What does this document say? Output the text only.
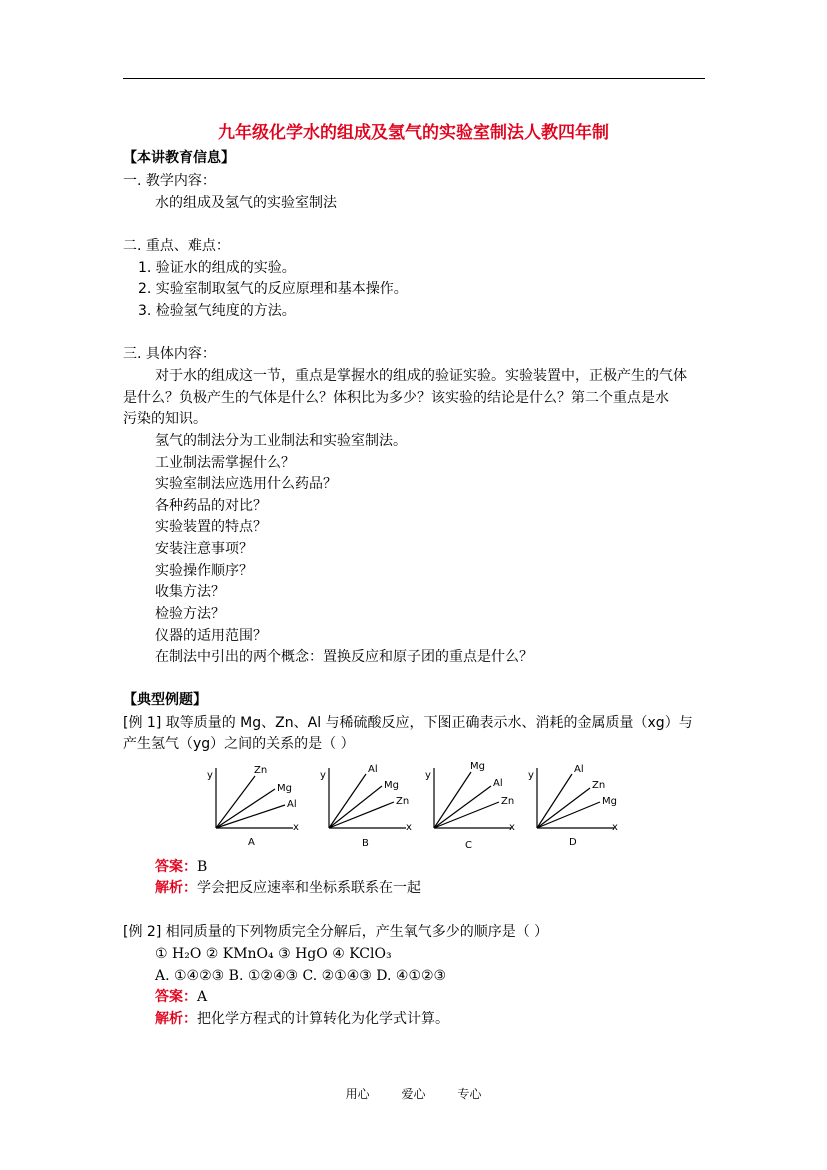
九年级化学水的组成及氢气的实验室制法人教四年制
【本讲教育信息】
一. 教学内容：
水的组成及氢气的实验室制法
二. 重点、难点：
1. 验证水的组成的实验。
2. 实验室制取氢气的反应原理和基本操作。
3. 检验氢气纯度的方法。
三. 具体内容：
对于水的组成这一节，重点是掌握水的组成的验证实验。实验装置中，正极产生的气体
是什么？负极产生的气体是什么？体积比为多少？该实验的结论是什么？第二个重点是水
污染的知识。
氢气的制法分为工业制法和实验室制法。
工业制法需掌握什么？
实验室制法应选用什么药品？
各种药品的对比？
实验装置的特点？
安装注意事项？
实验操作顺序？
收集方法？
检验方法？
仪器的适用范围？
在制法中引出的两个概念：置换反应和原子团的重点是什么？
【典型例题】
[例 1] 取等质量的 Mg、Zn、Al 与稀硫酸反应，下图正确表示水、消耗的金属质量（xg）与
产生氢气（yg）之间的关系的是（ ）
y
x
Zn
Mg
Al
A
y
x
Al
Mg
Zn
B
y
x
Mg
Al
Zn
C
y
x
Al
Zn
Mg
D
答案：B
解析：学会把反应速率和坐标系联系在一起
[例 2] 相同质量的下列物质完全分解后，产生氧气多少的顺序是（ ）
① H₂O ② KMnO₄ ③ HgO ④ KClO₃
A. ①④②③ B. ①②④③ C. ②①④③ D. ④①②③
答案：A
解析：把化学方程式的计算转化为化学式计算。
用心	爱心	专心
